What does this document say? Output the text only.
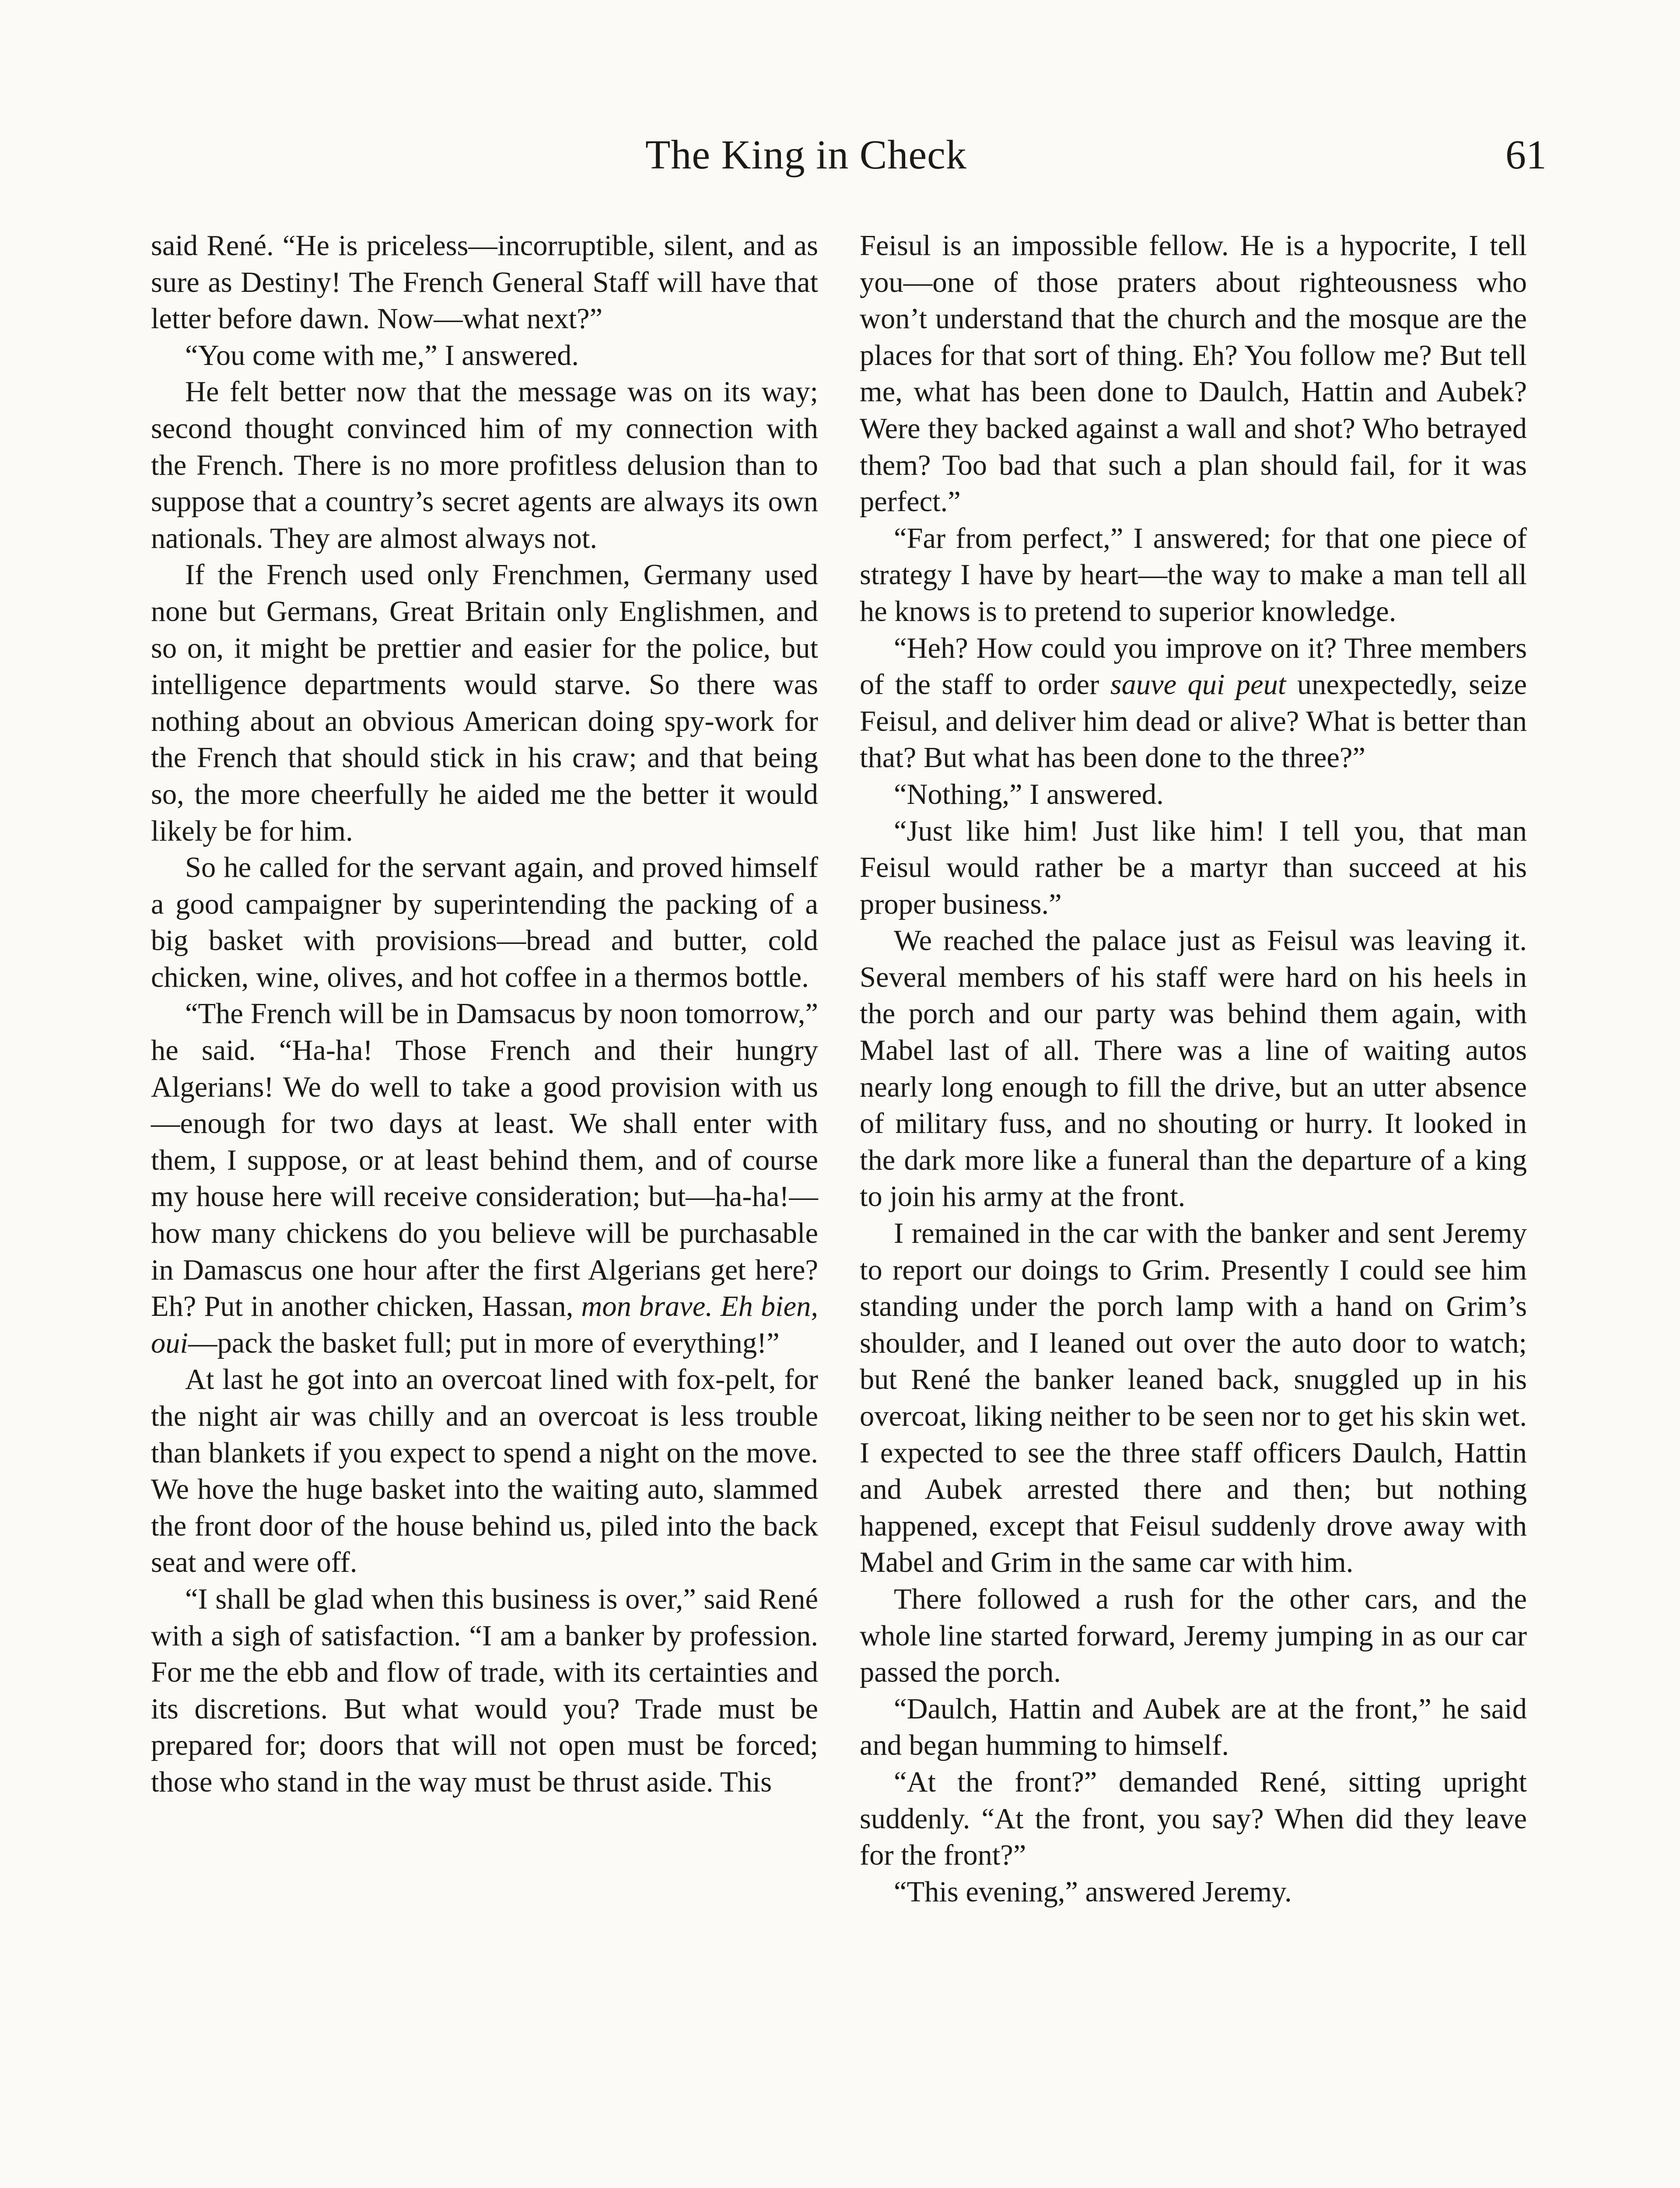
The King in Check	61

said René. “He is priceless—incorruptible, silent, and as sure as Destiny! The French General Staff will have that letter before dawn. Now—what next?”

“You come with me,” I answered.

He felt better now that the message was on its way; second thought convinced him of my connection with the French. There is no more profitless delusion than to suppose that a country’s secret agents are always its own nationals. They are almost always not.

If the French used only Frenchmen, Germany used none but Germans, Great Britain only Englishmen, and so on, it might be prettier and easier for the police, but intelligence departments would starve. So there was nothing about an obvious American doing spy-work for the French that should stick in his craw; and that being so, the more cheerfully he aided me the better it would likely be for him.

So he called for the servant again, and proved himself a good campaigner by superintending the packing of a big basket with provisions—bread and butter, cold chicken, wine, olives, and hot coffee in a thermos bottle.

“The French will be in Damsacus by noon tomorrow,” he said. “Ha-ha! Those French and their hungry Algerians! We do well to take a good provision with us—enough for two days at least. We shall enter with them, I suppose, or at least behind them, and of course my house here will receive consideration; but—ha-ha!—how many chickens do you believe will be purchasable in Damascus one hour after the first Algerians get here? Eh? Put in another chicken, Hassan, mon brave. Eh bien, oui—pack the basket full; put in more of everything!”

At last he got into an overcoat lined with fox-pelt, for the night air was chilly and an overcoat is less trouble than blankets if you expect to spend a night on the move. We hove the huge basket into the waiting auto, slammed the front door of the house behind us, piled into the back seat and were off.

“I shall be glad when this business is over,” said René with a sigh of satisfaction. “I am a banker by profession. For me the ebb and flow of trade, with its certainties and its discretions. But what would you? Trade must be prepared for; doors that will not open must be forced; those who stand in the way must be thrust aside. This

Feisul is an impossible fellow. He is a hypocrite, I tell you—one of those praters about righteousness who won’t understand that the church and the mosque are the places for that sort of thing. Eh? You follow me? But tell me, what has been done to Daulch, Hattin and Aubek? Were they backed against a wall and shot? Who betrayed them? Too bad that such a plan should fail, for it was perfect.”

“Far from perfect,” I answered; for that one piece of strategy I have by heart—the way to make a man tell all he knows is to pretend to superior knowledge.

“Heh? How could you improve on it? Three members of the staff to order sauve qui peut unexpectedly, seize Feisul, and deliver him dead or alive? What is better than that? But what has been done to the three?”

“Nothing,” I answered.

“Just like him! Just like him! I tell you, that man Feisul would rather be a martyr than succeed at his proper business.”

We reached the palace just as Feisul was leaving it. Several members of his staff were hard on his heels in the porch and our party was behind them again, with Mabel last of all. There was a line of waiting autos nearly long enough to fill the drive, but an utter absence of military fuss, and no shouting or hurry. It looked in the dark more like a funeral than the departure of a king to join his army at the front.

I remained in the car with the banker and sent Jeremy to report our doings to Grim. Presently I could see him standing under the porch lamp with a hand on Grim’s shoulder, and I leaned out over the auto door to watch; but René the banker leaned back, snuggled up in his overcoat, liking neither to be seen nor to get his skin wet. I expected to see the three staff officers Daulch, Hattin and Aubek arrested there and then; but nothing happened, except that Feisul suddenly drove away with Mabel and Grim in the same car with him.

There followed a rush for the other cars, and the whole line started forward, Jeremy jumping in as our car passed the porch.

“Daulch, Hattin and Aubek are at the front,” he said and began humming to himself.

“At the front?” demanded René, sitting upright suddenly. “At the front, you say? When did they leave for the front?”

“This evening,” answered Jeremy.
